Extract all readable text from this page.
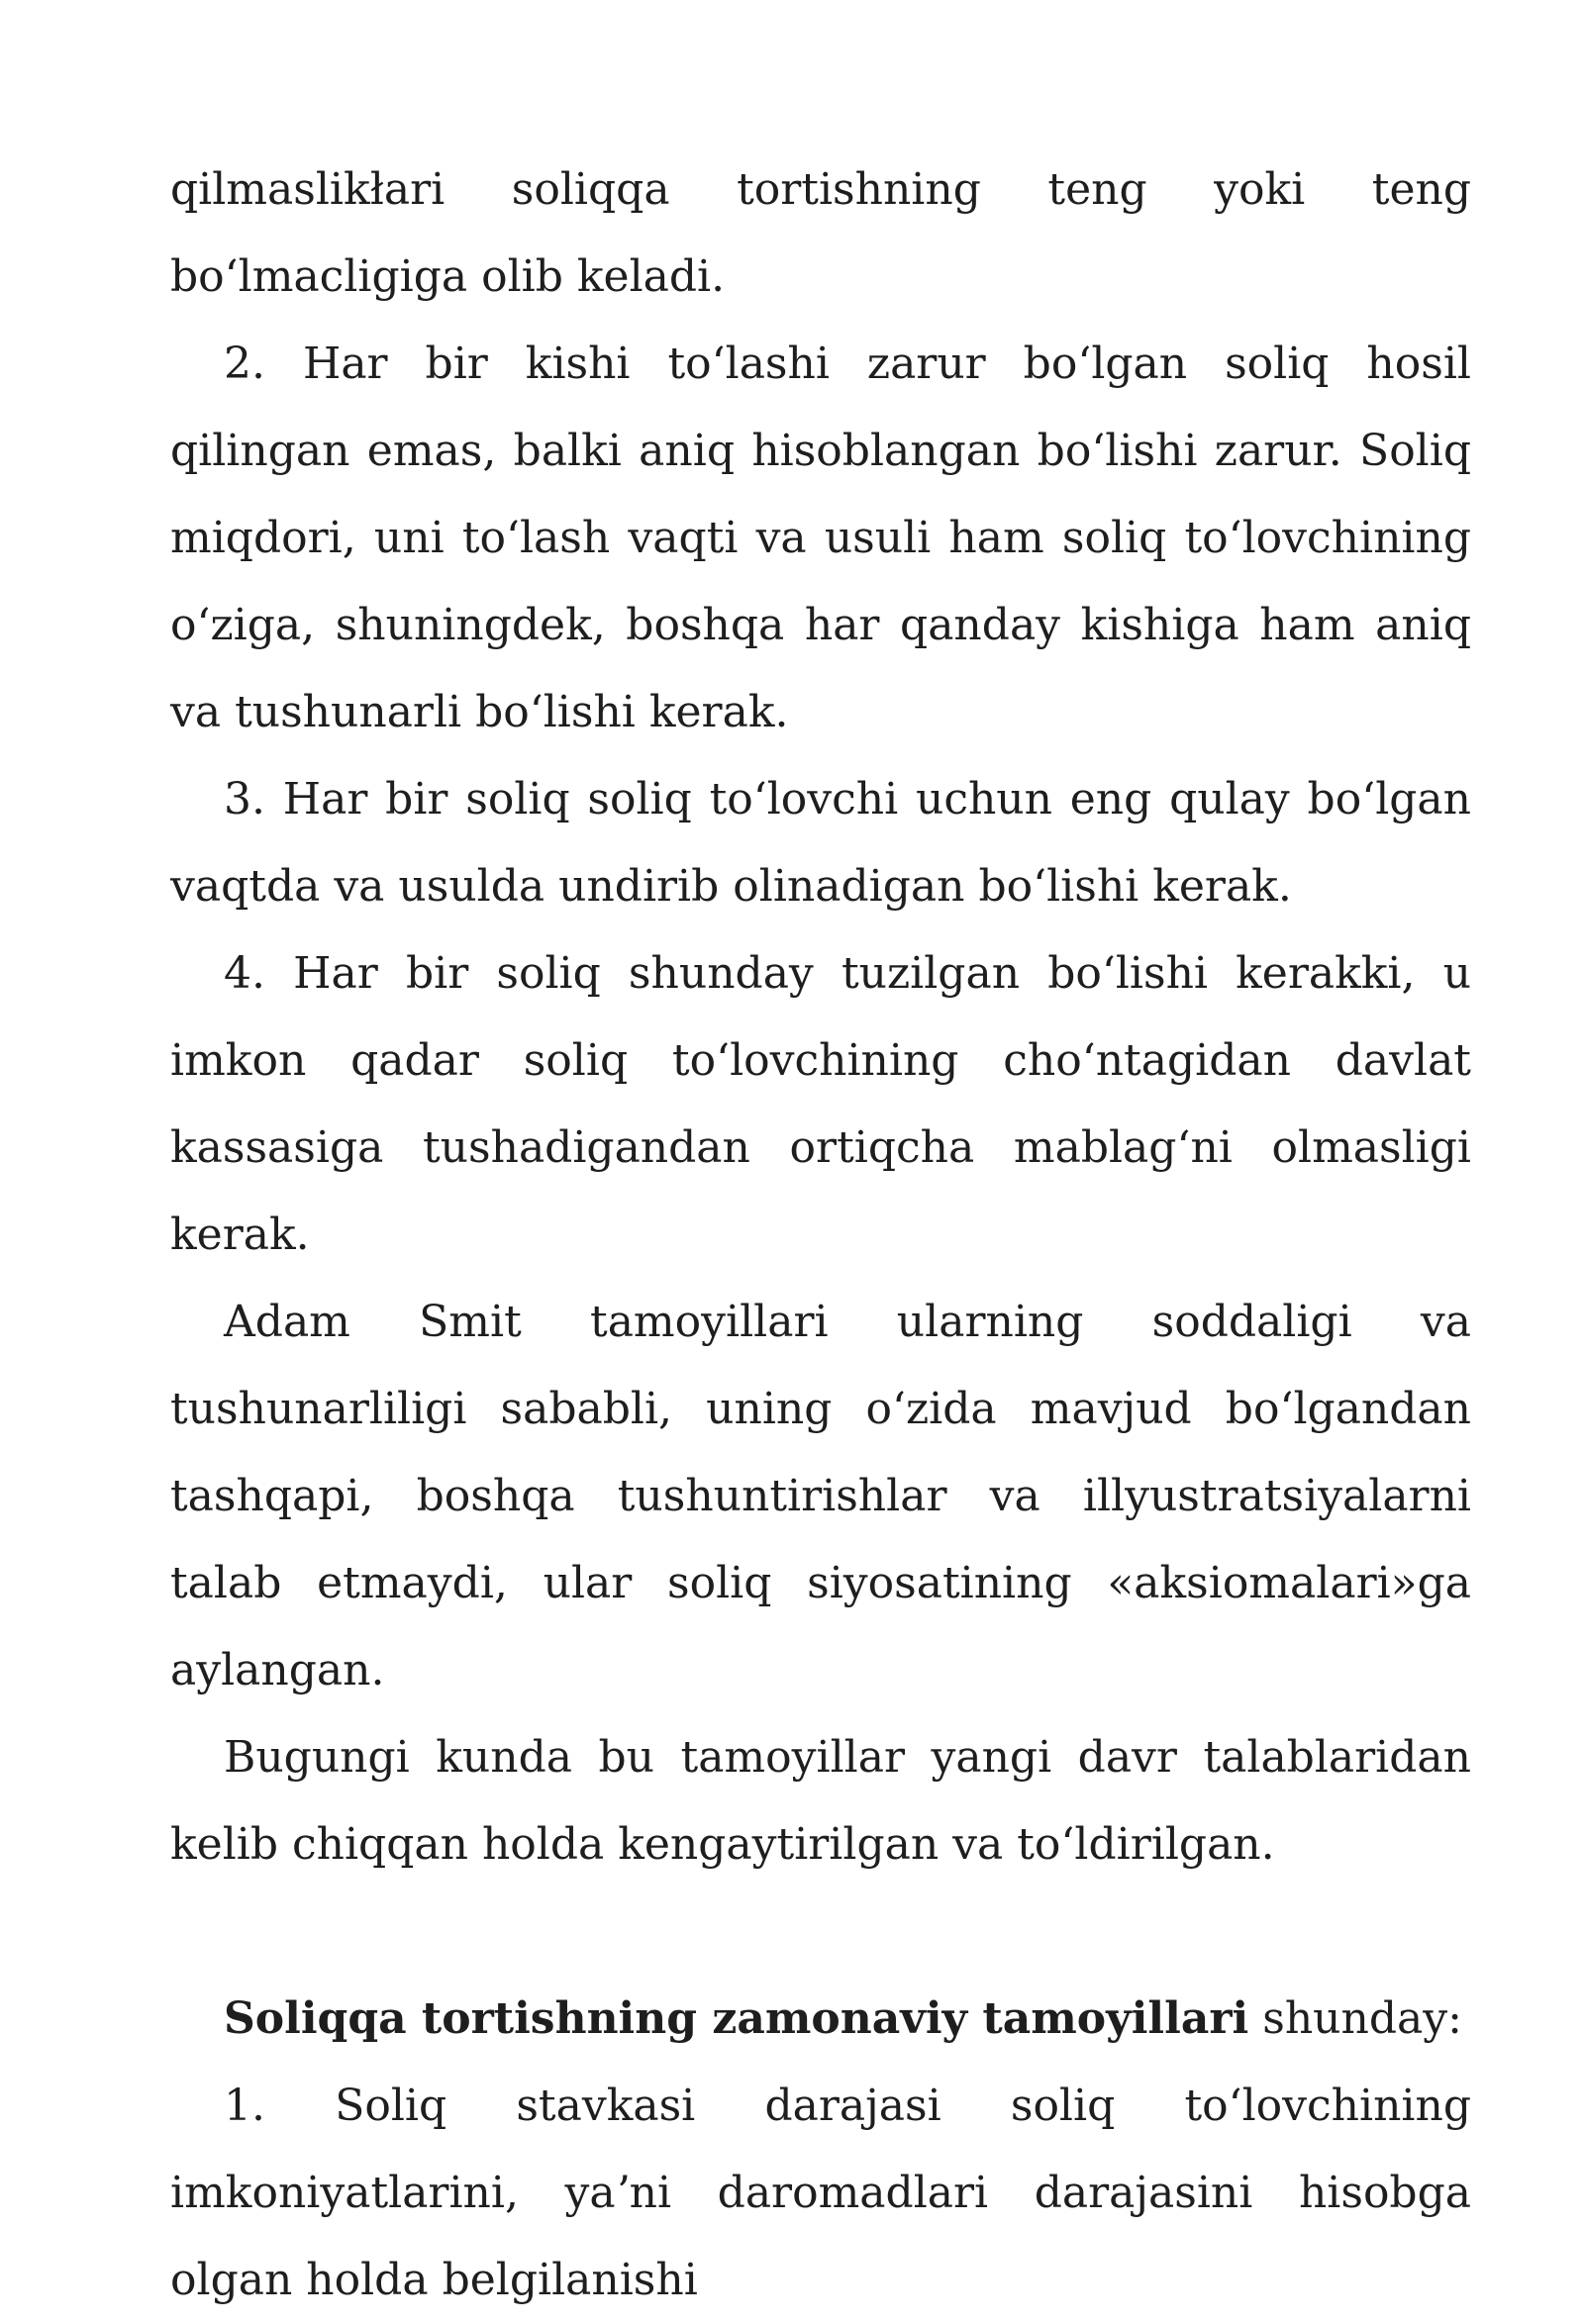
qilmaslikłari soliqqa tortishning teng yoki teng boʻlmacligiga olib keladi.

2. Har bir kishi toʻlashi zarur boʻlgan soliq hosil qilingan emas, balki aniq hisoblangan boʻlishi zarur. Soliq miqdori, uni toʻlash vaqti va usuli ham soliq toʻlovchining oʻziga, shuningdek, boshqa har qanday kishiga ham aniq va tushunarli boʻlishi kerak.

3. Har bir soliq soliq toʻlovchi uchun eng qulay boʻlgan vaqtda va usulda undirib olinadigan boʻlishi kerak.

4. Har bir soliq shunday tuzilgan boʻlishi kerakki, u imkon qadar soliq toʻlovchining choʻntagidan davlat kassasiga tushadigandan ortiqcha mablagʻni olmasligi kerak.

Adam Smit tamoyillari ularning soddaligi va tushunarliligi sababli, uning oʻzida mavjud boʻlgandan tashqapi, boshqa tushuntirishlar va illyustratsiyalarni talab etmaydi, ular soliq siyosatining «aksiomalari»ga aylangan.

Bugungi kunda bu tamoyillar yangi davr talablaridan kelib chiqqan holda kengaytirilgan va toʻldirilgan.

Soliqqa tortishning zamonaviy tamoyillari shunday:

1. Soliq stavkasi darajasi soliq toʻlovchining imkoniyatlarini, yaʼni daromadlari darajasini hisobga olgan holda belgilanishi
